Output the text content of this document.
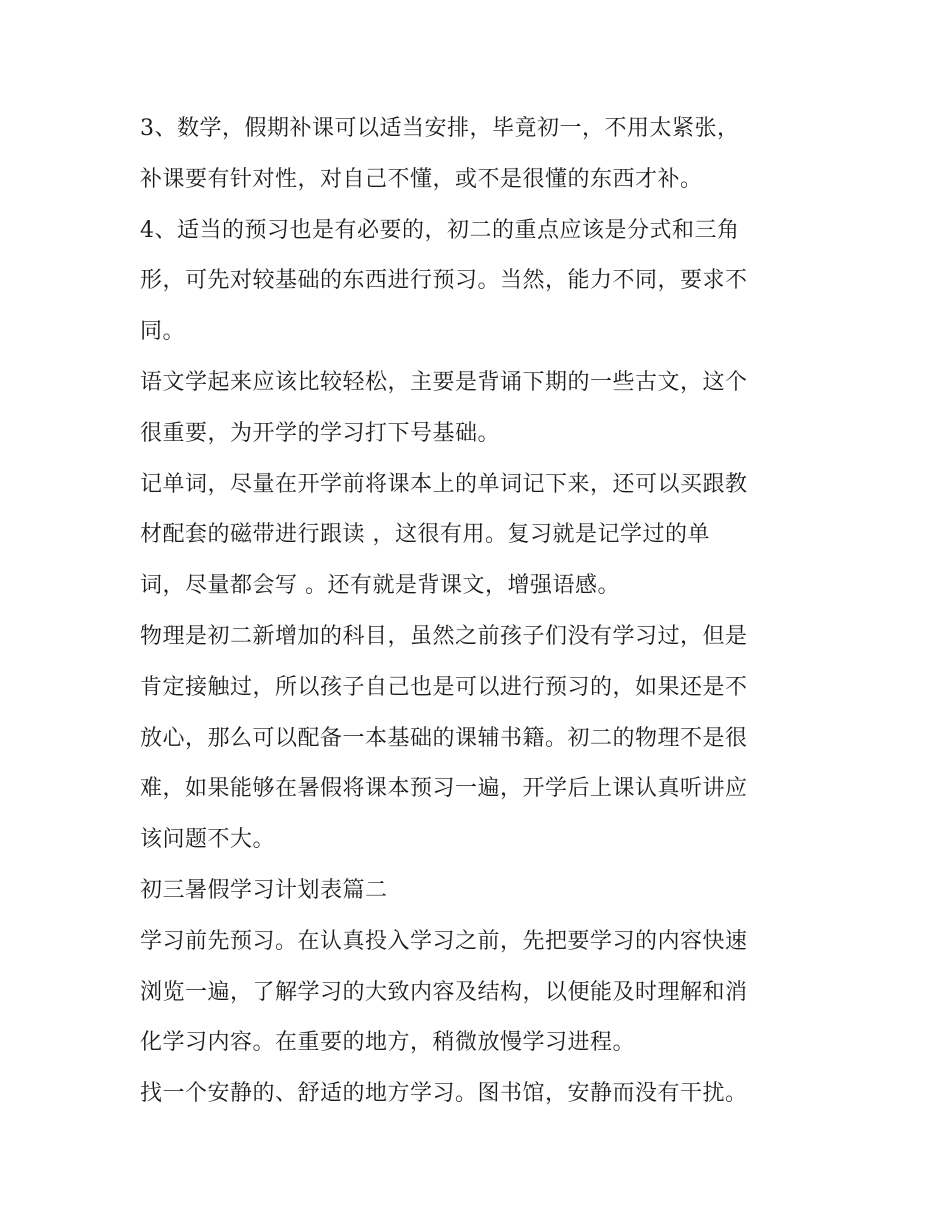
3、数学，假期补课可以适当安排，毕竟初一，不用太紧张，
补课要有针对性，对自己不懂，或不是很懂的东西才补。

4、适当的预习也是有必要的，初二的重点应该是分式和三角
形，可先对较基础的东西进行预习。当然，能力不同，要求不
同。

语文学起来应该比较轻松，主要是背诵下期的一些古文，这个
很重要，为开学的学习打下号基础。

记单词，尽量在开学前将课本上的单词记下来，还可以买跟教
材配套的磁带进行跟读 ，这很有用。复习就是记学过的单
词，尽量都会写 。还有就是背课文，增强语感。

物理是初二新增加的科目，虽然之前孩子们没有学习过，但是
肯定接触过，所以孩子自己也是可以进行预习的，如果还是不
放心，那么可以配备一本基础的课辅书籍。初二的物理不是很
难，如果能够在暑假将课本预习一遍，开学后上课认真听讲应
该问题不大。

初三暑假学习计划表篇二

学习前先预习。在认真投入学习之前，先把要学习的内容快速
浏览一遍，了解学习的大致内容及结构，以便能及时理解和消
化学习内容。在重要的地方，稍微放慢学习进程。

找一个安静的、舒适的地方学习。图书馆，安静而没有干扰。
